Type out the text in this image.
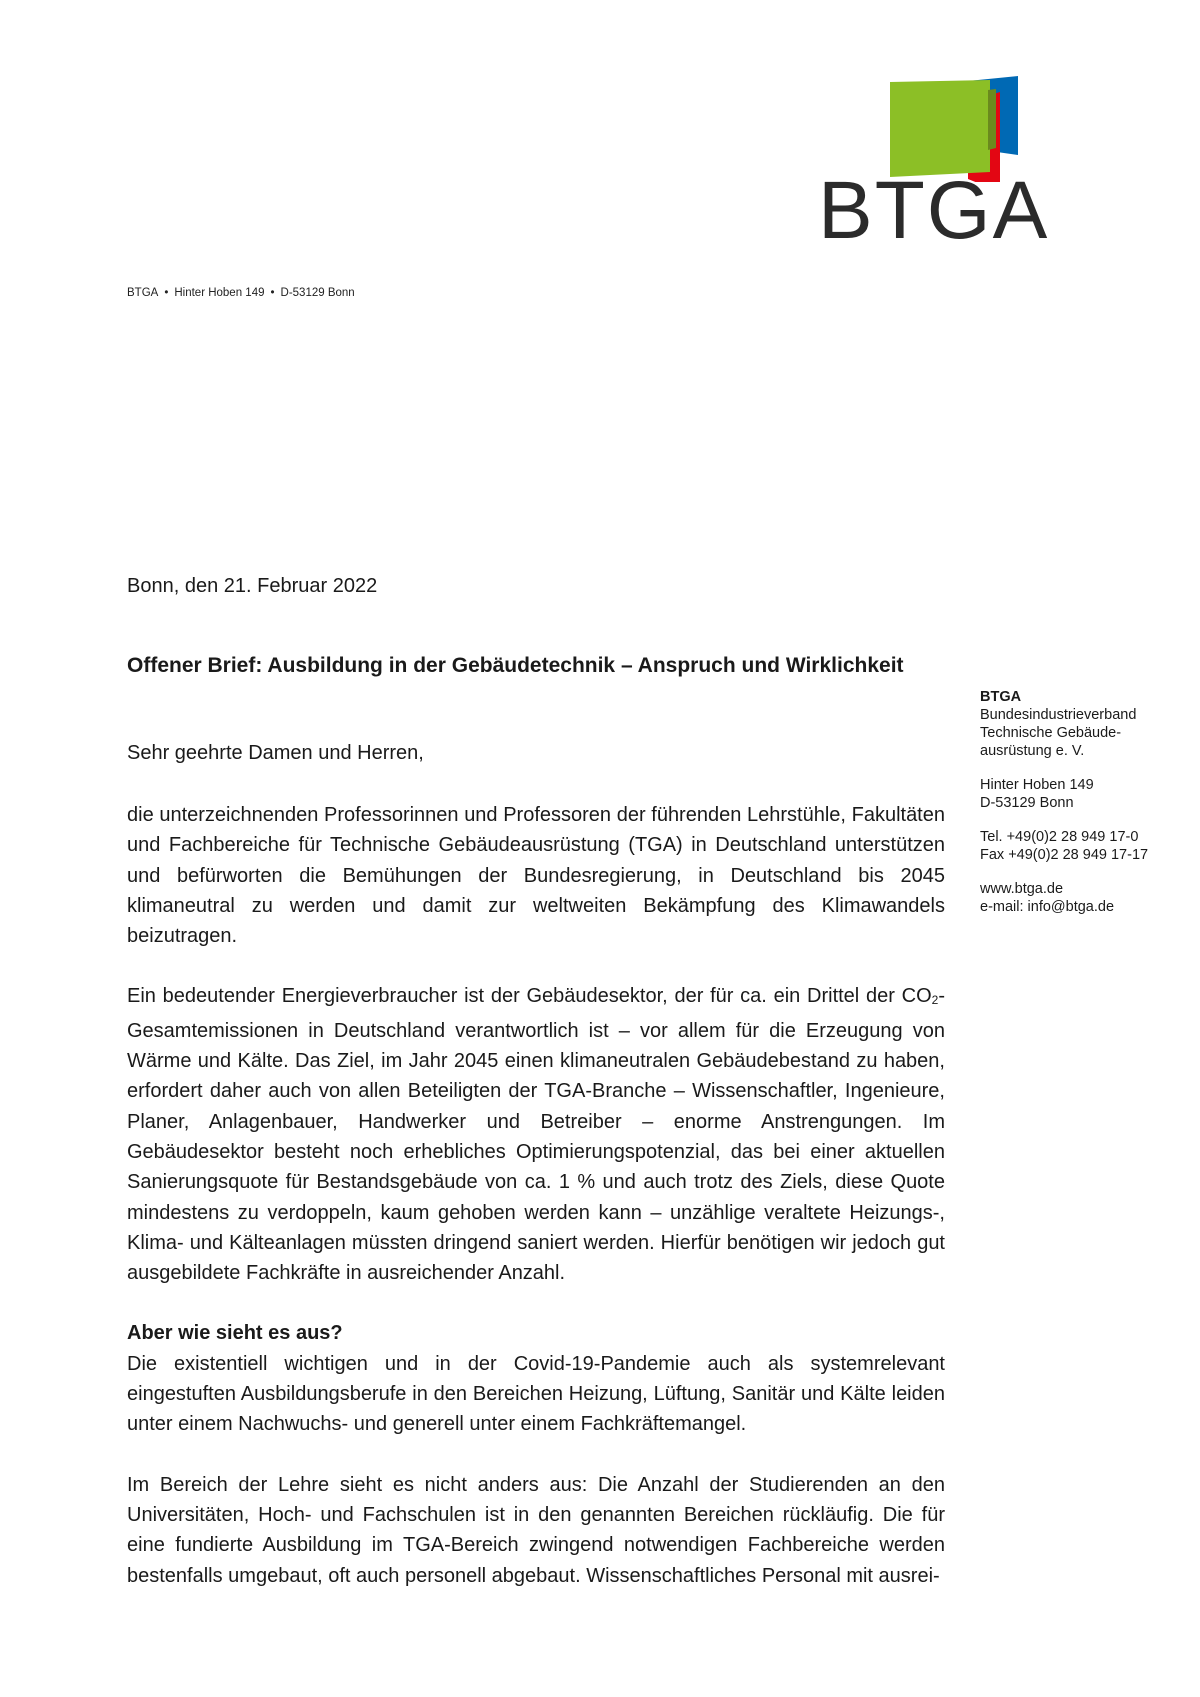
BTGA
BTGA • Hinter Hoben 149 • D-53129 Bonn
Bonn, den 21. Februar 2022
Offener Brief: Ausbildung in der Gebäudetechnik – Anspruch und Wirklichkeit
Sehr geehrte Damen und Herren,

die unterzeichnenden Professorinnen und Professoren der führenden Lehrstühle, Fakultäten und Fachbereiche für Technische Gebäudeausrüstung (TGA) in Deutschland unterstützen und befürworten die Bemühungen der Bundesregierung, in Deutschland bis 2045 klimaneutral zu werden und damit zur weltweiten Bekämpfung des Klimawandels beizutragen.

Ein bedeutender Energieverbraucher ist der Gebäudesektor, der für ca. ein Drittel der $CO_2$-Gesamtemissionen in Deutschland verantwortlich ist – vor allem für die Erzeugung von Wärme und Kälte. Das Ziel, im Jahr 2045 einen klimaneutralen Gebäudebestand zu haben, erfordert daher auch von allen Beteiligten der TGA-Branche – Wissenschaftler, Ingenieure, Planer, Anlagenbauer, Handwerker und Betreiber – enorme Anstrengungen. Im Gebäudesektor besteht noch erhebliches Optimierungspotenzial, das bei einer aktuellen Sanierungsquote für Bestandsgebäude von ca. 1 % und auch trotz des Ziels, diese Quote mindestens zu verdoppeln, kaum gehoben werden kann – unzählige veraltete Heizungs-, Klima- und Kälteanlagen müssten dringend saniert werden. Hierfür benötigen wir jedoch gut ausgebildete Fachkräfte in ausreichender Anzahl.

Aber wie sieht es aus?

Die existentiell wichtigen und in der Covid-19-Pandemie auch als systemrelevant eingestuften Ausbildungsberufe in den Bereichen Heizung, Lüftung, Sanitär und Kälte leiden unter einem Nachwuchs- und generell unter einem Fachkräftemangel.

Im Bereich der Lehre sieht es nicht anders aus: Die Anzahl der Studierenden an den Universitäten, Hoch- und Fachschulen ist in den genannten Bereichen rückläufig. Die für eine fundierte Ausbildung im TGA-Bereich zwingend notwendigen Fachbereiche werden bestenfalls umgebaut, oft auch personell abgebaut. Wissenschaftliches Personal mit ausrei-

BTGA
Bundesindustrieverband
Technische Gebäude-
ausrüstung e. V.
Hinter Hoben 149
D-53129 Bonn
Tel. +49(0)2 28 949 17-0
Fax +49(0)2 28 949 17-17
www.btga.de
e-mail: info@btga.de
